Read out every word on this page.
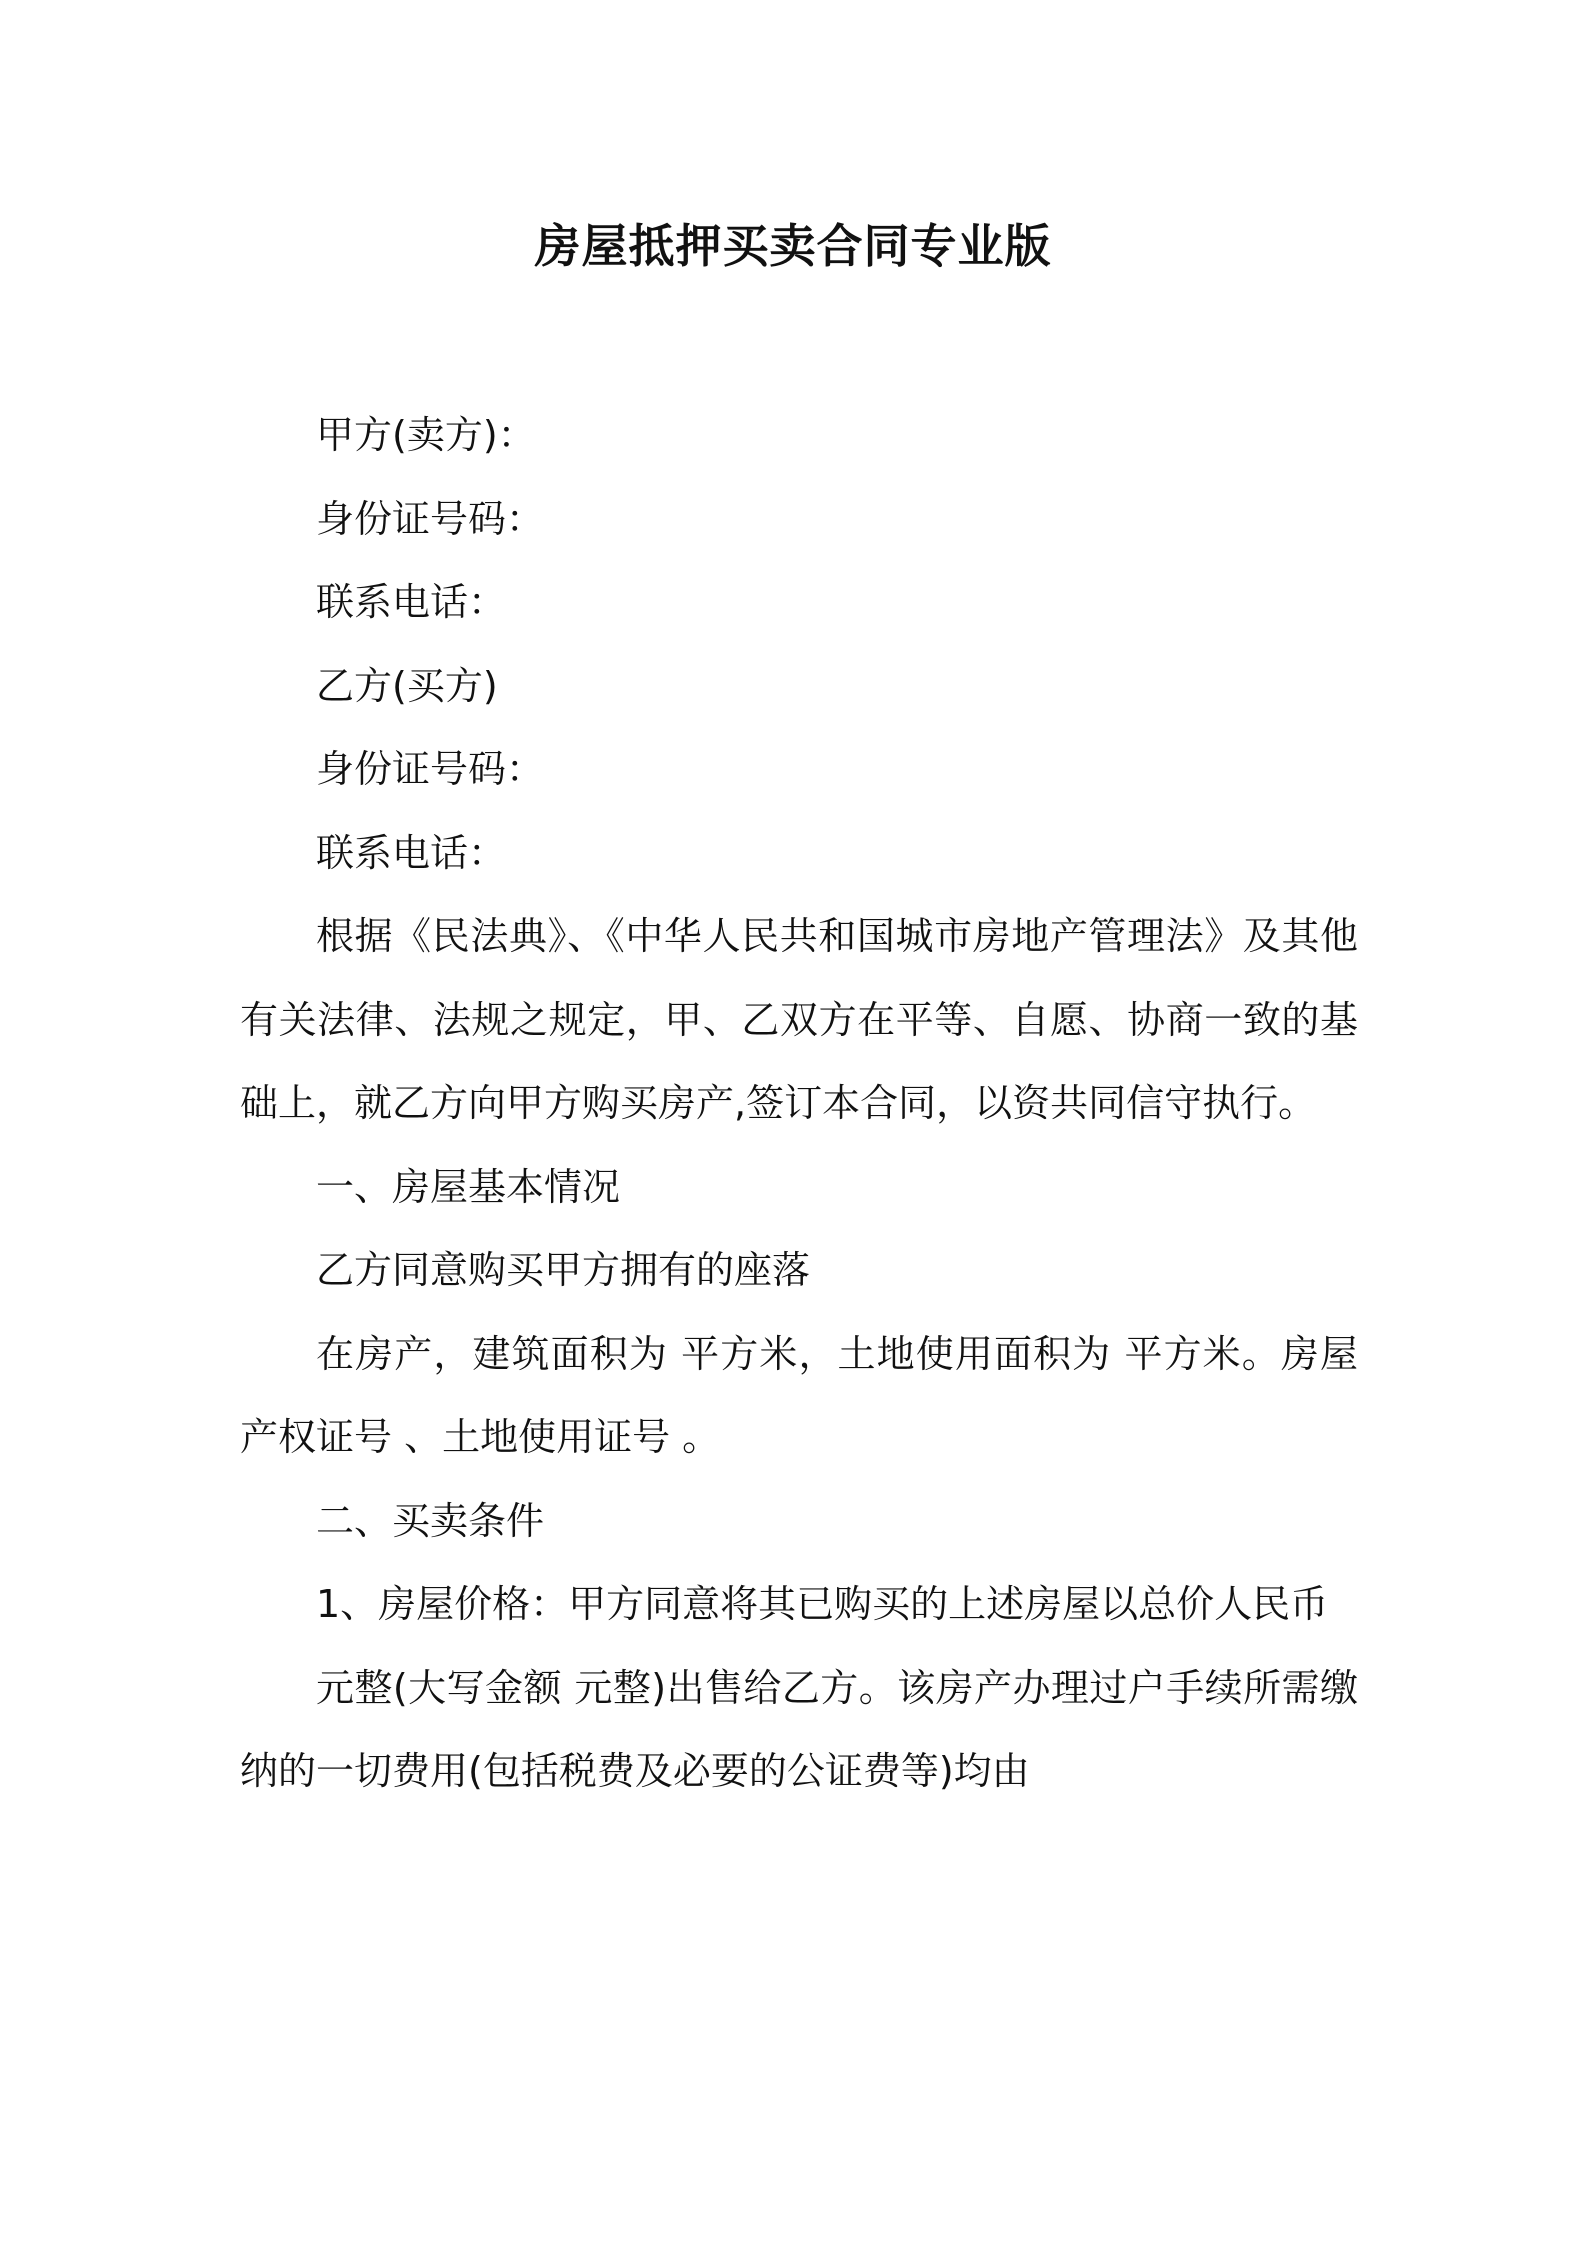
房屋抵押买卖合同专业版

甲方(卖方)：

身份证号码：

联系电话：

乙方(买方)

身份证号码：

联系电话：

根据《民法典》、《中华人民共和国城市房地产管理法》及其他有关法律、法规之规定，甲、乙双方在平等、自愿、协商一致的基础上，就乙方向甲方购买房产,签订本合同，以资共同信守执行。

一、房屋基本情况

乙方同意购买甲方拥有的座落

在房产，建筑面积为 平方米，土地使用面积为 平方米。房屋产权证号 、土地使用证号 。

二、买卖条件

1、房屋价格：甲方同意将其已购买的上述房屋以总价人民币

元整(大写金额 元整)出售给乙方。该房产办理过户手续所需缴纳的一切费用(包括税费及必要的公证费等)均由
